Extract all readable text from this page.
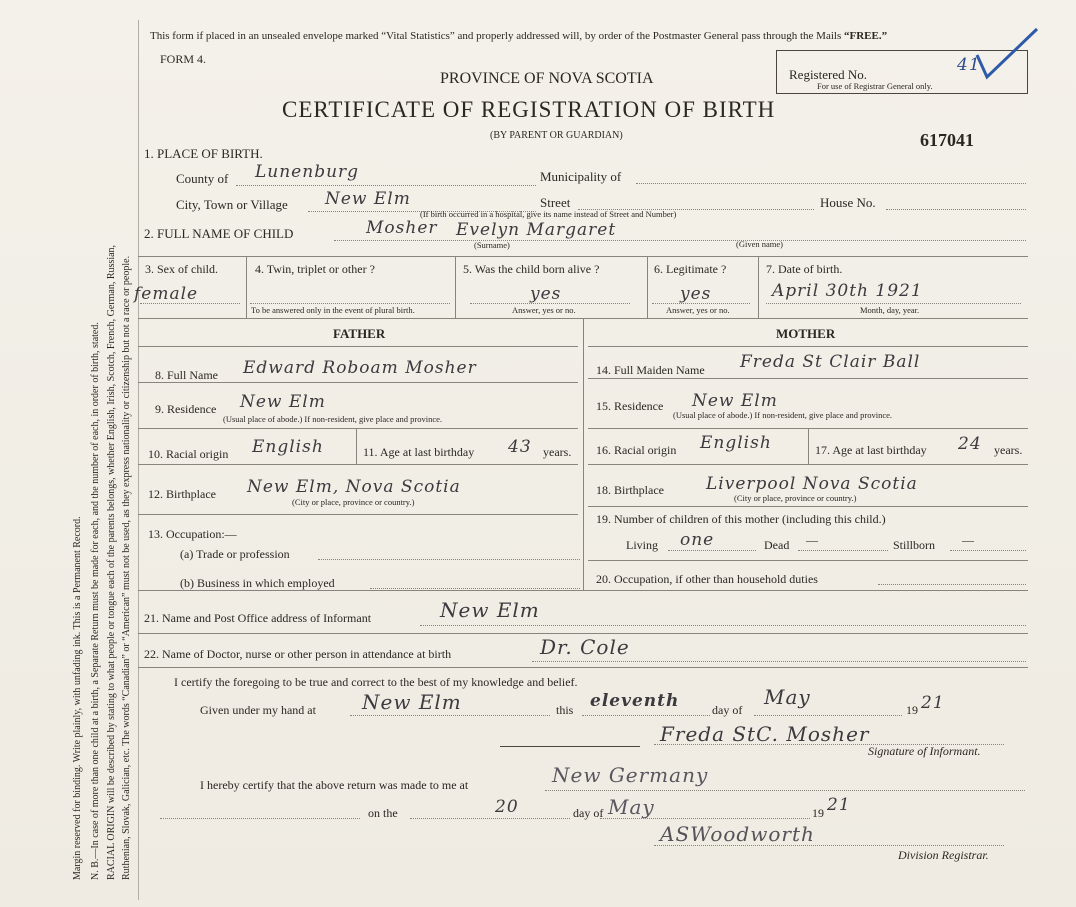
Margin reserved for binding. Write plainly, with unfading ink. This is a Permanent Record. N. B.—In case of more than one child at a birth, a Separate Return must be made for each, and the number of each, in order of birth, stated. RACIAL ORIGIN will be described by stating to what people or tongue each of the parents belongs, whether English, Irish, Scotch, French, German, Russian, Ruthenian, Slovak, Galician, etc. The words “Canadian” or “American” must not be used, as they express nationality or citizenship but not a race or people.
This form if placed in an unsealed envelope marked “Vital Statistics” and properly addressed will, by order of the Postmaster General pass through the Mails “FREE.”
FORM 4.
PROVINCE OF NOVA SCOTIA
CERTIFICATE OF REGISTRATION OF BIRTH
(BY PARENT OR GUARDIAN)
Registered No.	41
For use of Registrar General only.
617041
1. PLACE OF BIRTH.
County of Lunenburg	Municipality of
City, Town or Village New Elm	Street	House No.
(If birth occurred in a hospital, give its name instead of Street and Number)
2. FULL NAME OF CHILD	Mosher Evelyn Margaret
(Surname)	(Given name)
3. Sex of child.
female
4. Twin, triplet or other ?
To be answered only in the event of plural birth.
5. Was the child born alive ?
yes
Answer, yes or no.
6. Legitimate ?
yes
Answer, yes or no.
7. Date of birth.
April 30th 1921
Month, day, year.
FATHER	MOTHER
8. Full Name Edward Roboam Mosher
9. Residence New Elm
(Usual place of abode.) If non-resident, give place and province.
10. Racial origin English	11. Age at last birthday 43 years.
12. Birthplace New Elm, Nova Scotia
(City or place, province or country.)
13. Occupation:—
(a) Trade or profession
(b) Business in which employed
14. Full Maiden Name Freda St Clair Ball
15. Residence New Elm
(Usual place of abode.) If non-resident, give place and province.
16. Racial origin English	17. Age at last birthday 24 years.
18. Birthplace Liverpool Nova Scotia
(City or place, province or country.)
19. Number of children of this mother (including this child.)
Living one	Dead —	Stillborn —
20. Occupation, if other than household duties
21. Name and Post Office address of Informant	New Elm
22. Name of Doctor, nurse or other person in attendance at birth	Dr. Cole
I certify the foregoing to be true and correct to the best of my knowledge and belief.
Given under my hand at New Elm	this eleventh	day of
May
19 21
Freda StC. Mosher
Signature of Informant.
I hereby certify that the above return was made to me at	New Germany
on the	20	day of May	19 21
ASWoodworth
Division Registrar.
